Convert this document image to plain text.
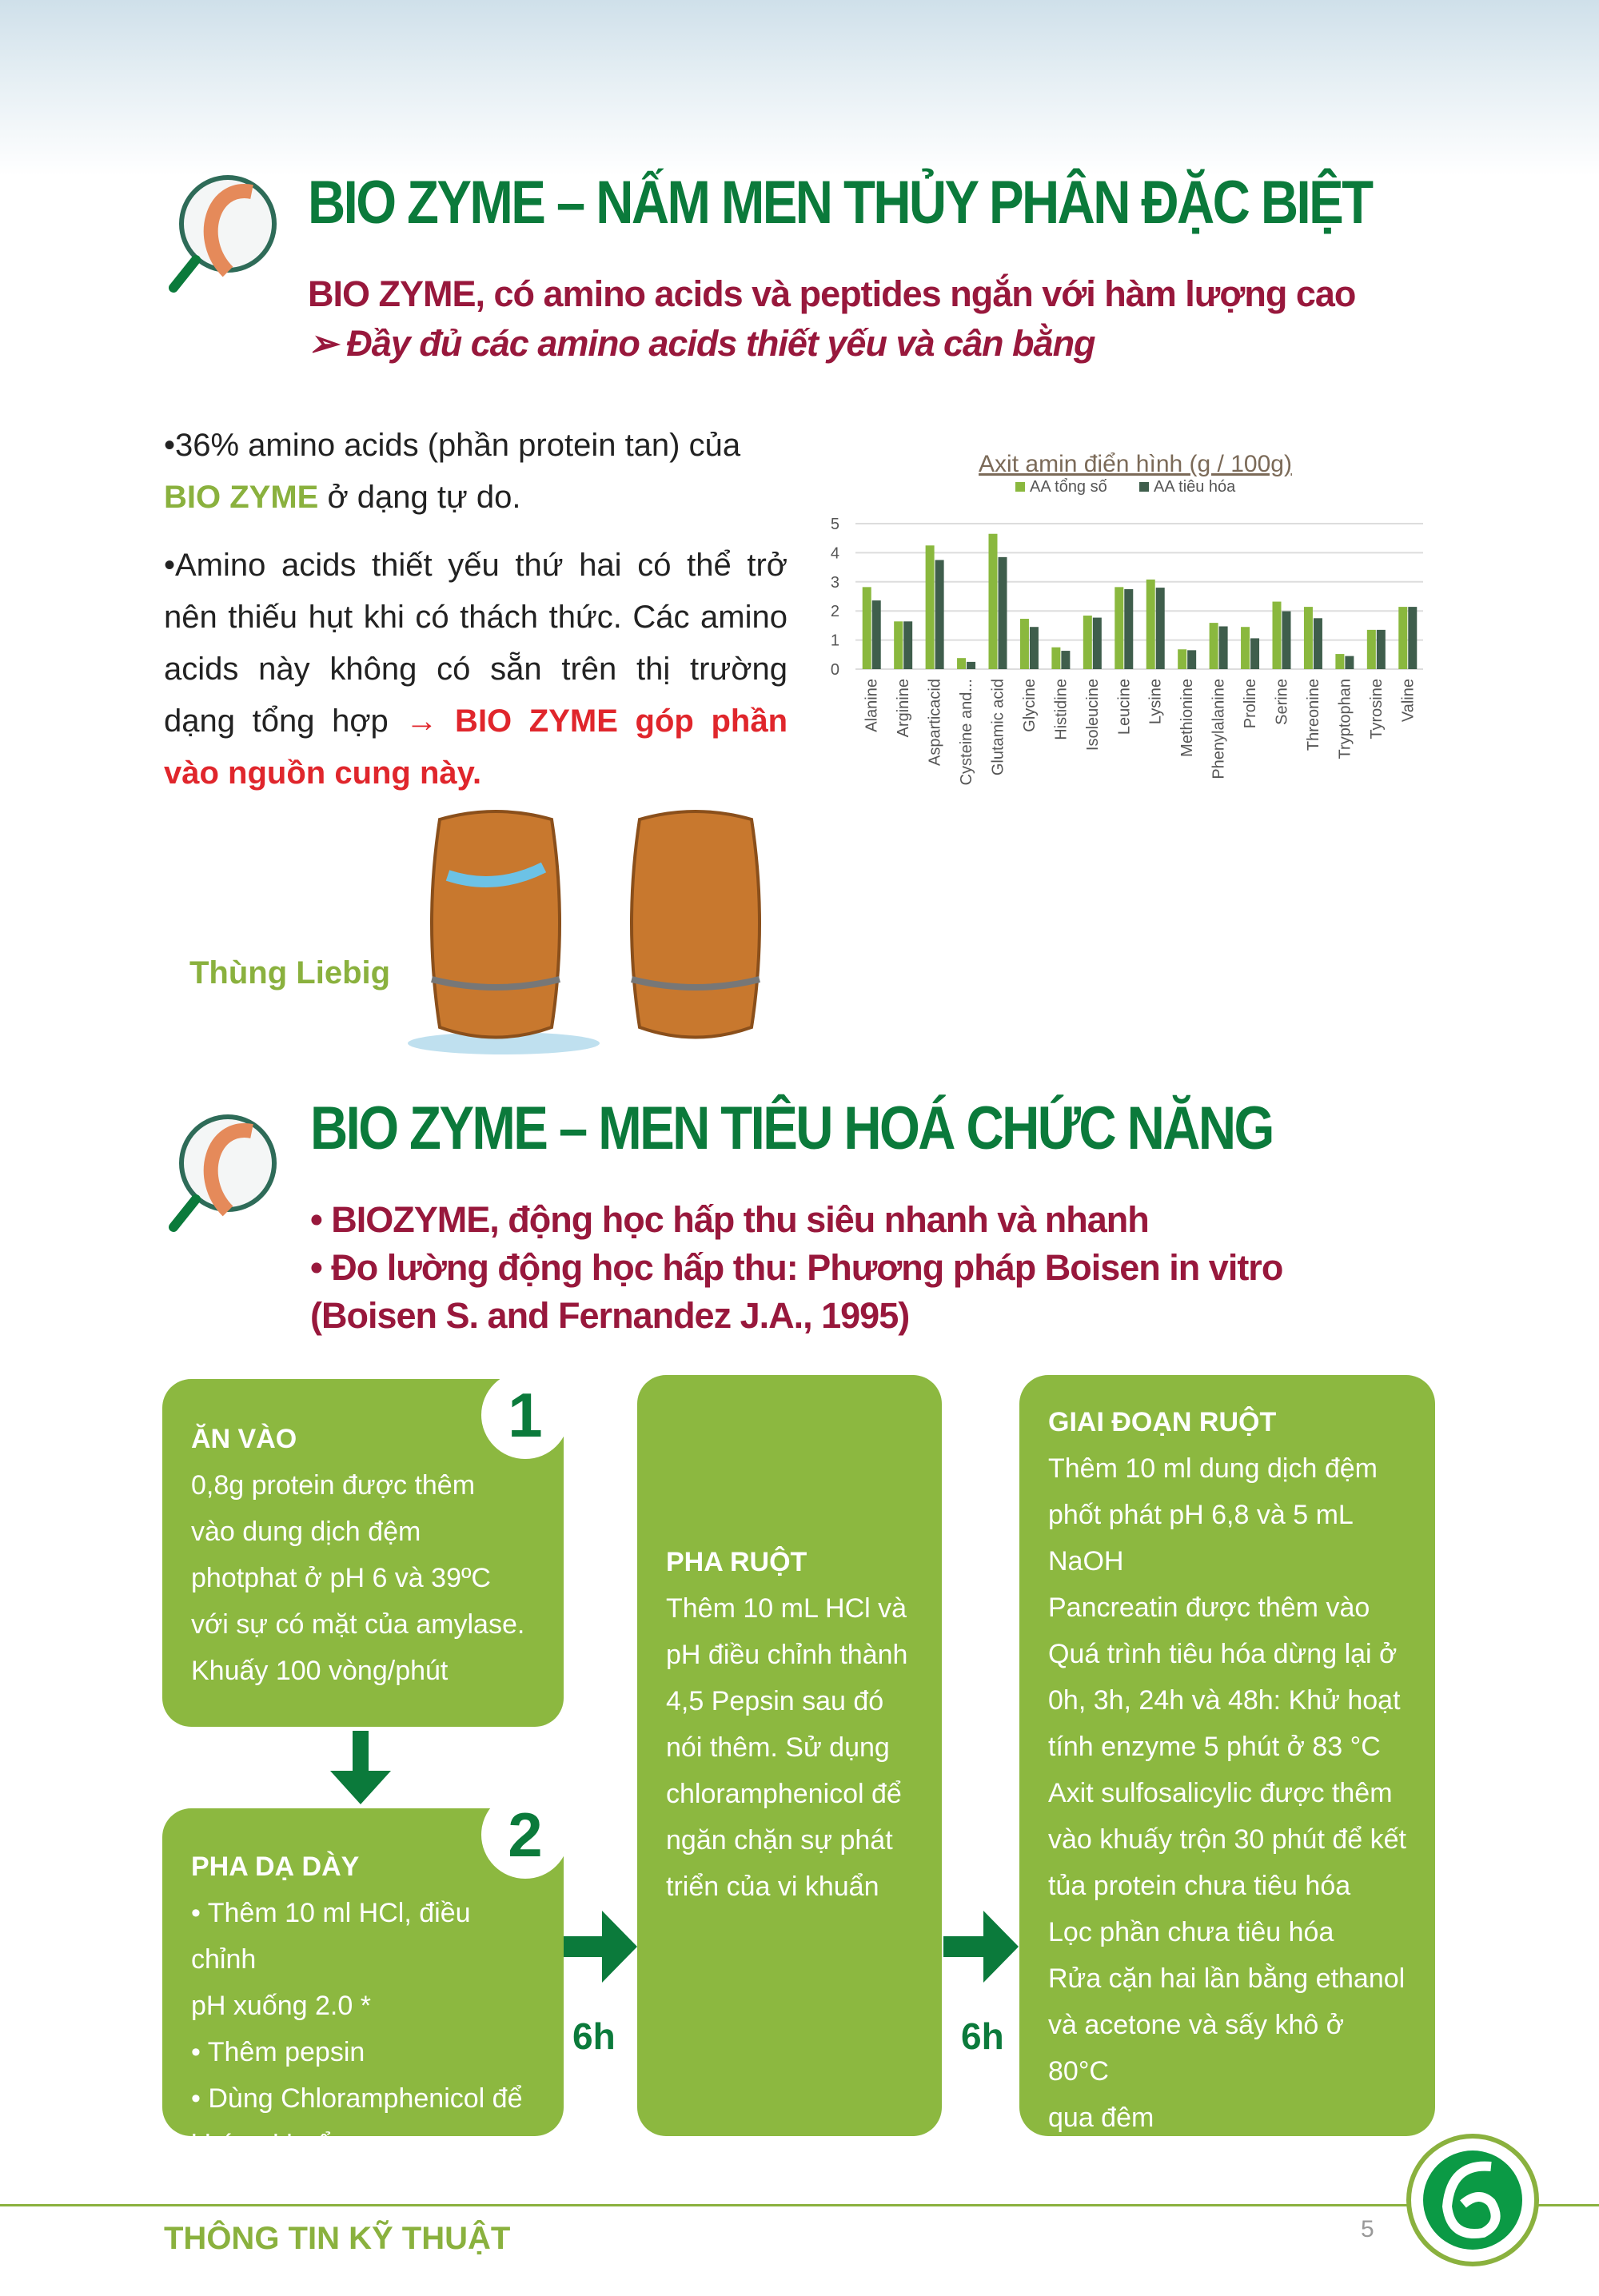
BIO ZYME – NẤM MEN THỦY PHÂN ĐẶC BIỆT
BIO ZYME, có amino acids và peptides ngắn với hàm lượng cao
➢ Đầy đủ các amino acids thiết yếu và cân bằng
•36% amino acids (phần protein tan) của
BIO ZYME ở dạng tự do.
•Amino acids thiết yếu thứ hai có thể trở nên thiếu hụt khi có thách thức. Các amino acids này không có sẵn trên thị trường dạng tổng hợp → BIO ZYME góp phần vào nguồn cung này.
Axit amin điển hình (g / 100g)
AA tổng số	AA tiêu hóa
0
1
2
3
4
5
Alanine Arginine Asparticacid Cysteine and... Glutamic acid Glycine Histidine Isoleucine Leucine Lysine Methionine Phenylalanine Proline Serine Threonine Tryptophan Tyrosine Valine
Thùng Liebig
BIO ZYME – MEN TIÊU HOÁ CHỨC NĂNG
• BIOZYME, động học hấp thu siêu nhanh và nhanh
• Đo lường động học hấp thu: Phương pháp Boisen in vitro
(Boisen S. and Fernandez J.A., 1995)
ĂN VÀO
0,8g protein được thêm
vào dung dịch đệm
photphat ở pH 6 và 39ºC
với sự có mặt của amylase.
Khuấy 100 vòng/phút
1
PHA DẠ DÀY
• Thêm 10 ml HCl, điều chỉnh
pH xuống 2.0 *
• Thêm pepsin
• Dùng Chloramphenicol để
kháng khuẩn
2
PHA RUỘT
Thêm 10 mL HCl và
pH điều chỉnh thành
4,5 Pepsin sau đó
nói thêm. Sử dụng
chloramphenicol để
ngăn chặn sự phát
triển của vi khuẩn
GIAI ĐOẠN RUỘT
Thêm 10 ml dung dịch đệm
phốt phát pH 6,8 và 5 mL
NaOH
Pancreatin được thêm vào
Quá trình tiêu hóa dừng lại ở
0h, 3h, 24h và 48h: Khử hoạt
tính enzyme 5 phút ở 83 °C
Axit sulfosalicylic được thêm
vào khuấy trộn 30 phút để kết
tủa protein chưa tiêu hóa
Lọc phần chưa tiêu hóa
Rửa cặn hai lần bằng ethanol
và acetone và sấy khô ở 80°C
qua đêm
6h	6h
THÔNG TIN KỸ THUẬT	5
